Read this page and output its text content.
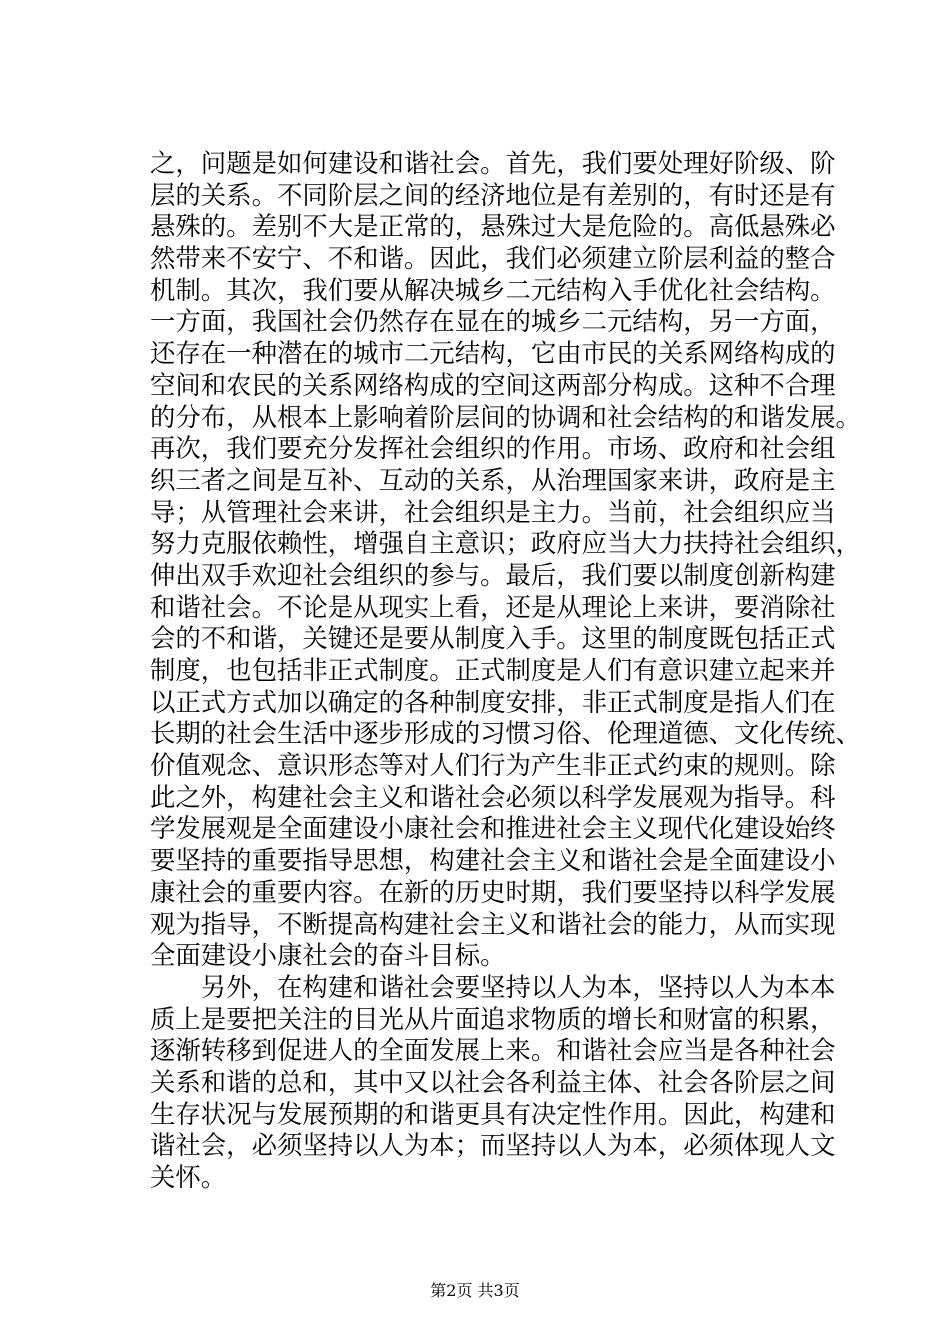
之，问题是如何建设和谐社会。首先，我们要处理好阶级、阶
层的关系。不同阶层之间的经济地位是有差别的，有时还是有
悬殊的。差别不大是正常的，悬殊过大是危险的。高低悬殊必
然带来不安宁、不和谐。因此，我们必须建立阶层利益的整合
机制。其次，我们要从解决城乡二元结构入手优化社会结构。
一方面，我国社会仍然存在显在的城乡二元结构，另一方面，
还存在一种潜在的城市二元结构，它由市民的关系网络构成的
空间和农民的关系网络构成的空间这两部分构成。这种不合理
的分布，从根本上影响着阶层间的协调和社会结构的和谐发展。
再次，我们要充分发挥社会组织的作用。市场、政府和社会组
织三者之间是互补、互动的关系，从治理国家来讲，政府是主
导；从管理社会来讲，社会组织是主力。当前，社会组织应当
努力克服依赖性，增强自主意识；政府应当大力扶持社会组织，
伸出双手欢迎社会组织的参与。最后，我们要以制度创新构建
和谐社会。不论是从现实上看，还是从理论上来讲，要消除社
会的不和谐，关键还是要从制度入手。这里的制度既包括正式
制度，也包括非正式制度。正式制度是人们有意识建立起来并
以正式方式加以确定的各种制度安排，非正式制度是指人们在
长期的社会生活中逐步形成的习惯习俗、伦理道德、文化传统、
价值观念、意识形态等对人们行为产生非正式约束的规则。除
此之外，构建社会主义和谐社会必须以科学发展观为指导。科
学发展观是全面建设小康社会和推进社会主义现代化建设始终
要坚持的重要指导思想，构建社会主义和谐社会是全面建设小
康社会的重要内容。在新的历史时期，我们要坚持以科学发展
观为指导，不断提高构建社会主义和谐社会的能力，从而实现
全面建设小康社会的奋斗目标。
　　另外，在构建和谐社会要坚持以人为本，坚持以人为本本
质上是要把关注的目光从片面追求物质的增长和财富的积累，
逐渐转移到促进人的全面发展上来。和谐社会应当是各种社会
关系和谐的总和，其中又以社会各利益主体、社会各阶层之间
生存状况与发展预期的和谐更具有决定性作用。因此，构建和
谐社会，必须坚持以人为本；而坚持以人为本，必须体现人文
关怀。
第2页 共3页
